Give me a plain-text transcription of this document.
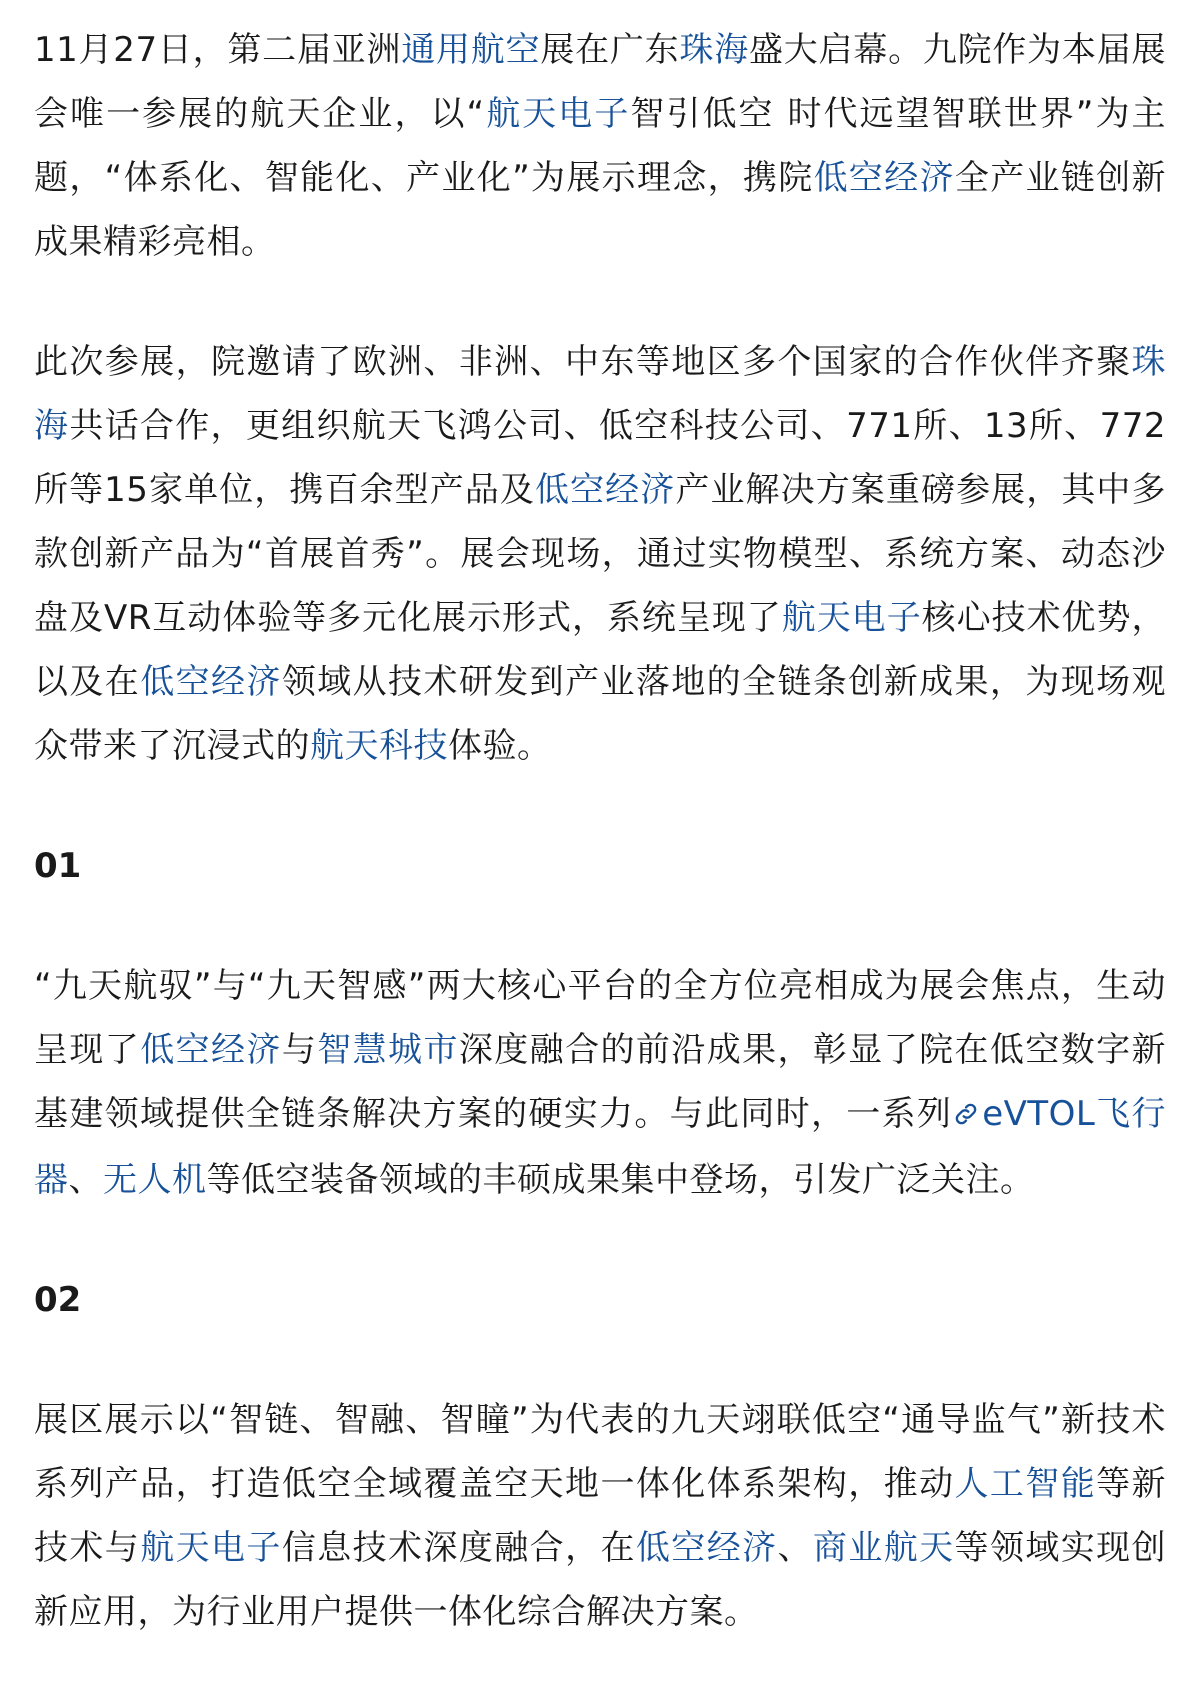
11月27日，第二届亚洲通用航空展在广东珠海盛大启幕。九院作为本届展会唯一参展的航天企业，以“航天电子智引低空 时代远望智联世界”为主题，“体系化、智能化、产业化”为展示理念，携院低空经济全产业链创新成果精彩亮相。

此次参展，院邀请了欧洲、非洲、中东等地区多个国家的合作伙伴齐聚珠海共话合作，更组织航天飞鸿公司、低空科技公司、771所、13所、772所等15家单位，携百余型产品及低空经济产业解决方案重磅参展，其中多款创新产品为“首展首秀”。展会现场，通过实物模型、系统方案、动态沙盘及VR互动体验等多元化展示形式，系统呈现了航天电子核心技术优势，以及在低空经济领域从技术研发到产业落地的全链条创新成果，为现场观众带来了沉浸式的航天科技体验。

01

“九天航驭”与“九天智感”两大核心平台的全方位亮相成为展会焦点，生动呈现了低空经济与智慧城市深度融合的前沿成果，彰显了院在低空数字新基建领域提供全链条解决方案的硬实力。与此同时，一系列 eVTOL飞行器、无人机等低空装备领域的丰硕成果集中登场，引发广泛关注。

02

展区展示以“智链、智融、智瞳”为代表的九天翊联低空“通导监气”新技术系列产品，打造低空全域覆盖空天地一体化体系架构，推动人工智能等新技术与航天电子信息技术深度融合，在低空经济、商业航天等领域实现创新应用，为行业用户提供一体化综合解决方案。
